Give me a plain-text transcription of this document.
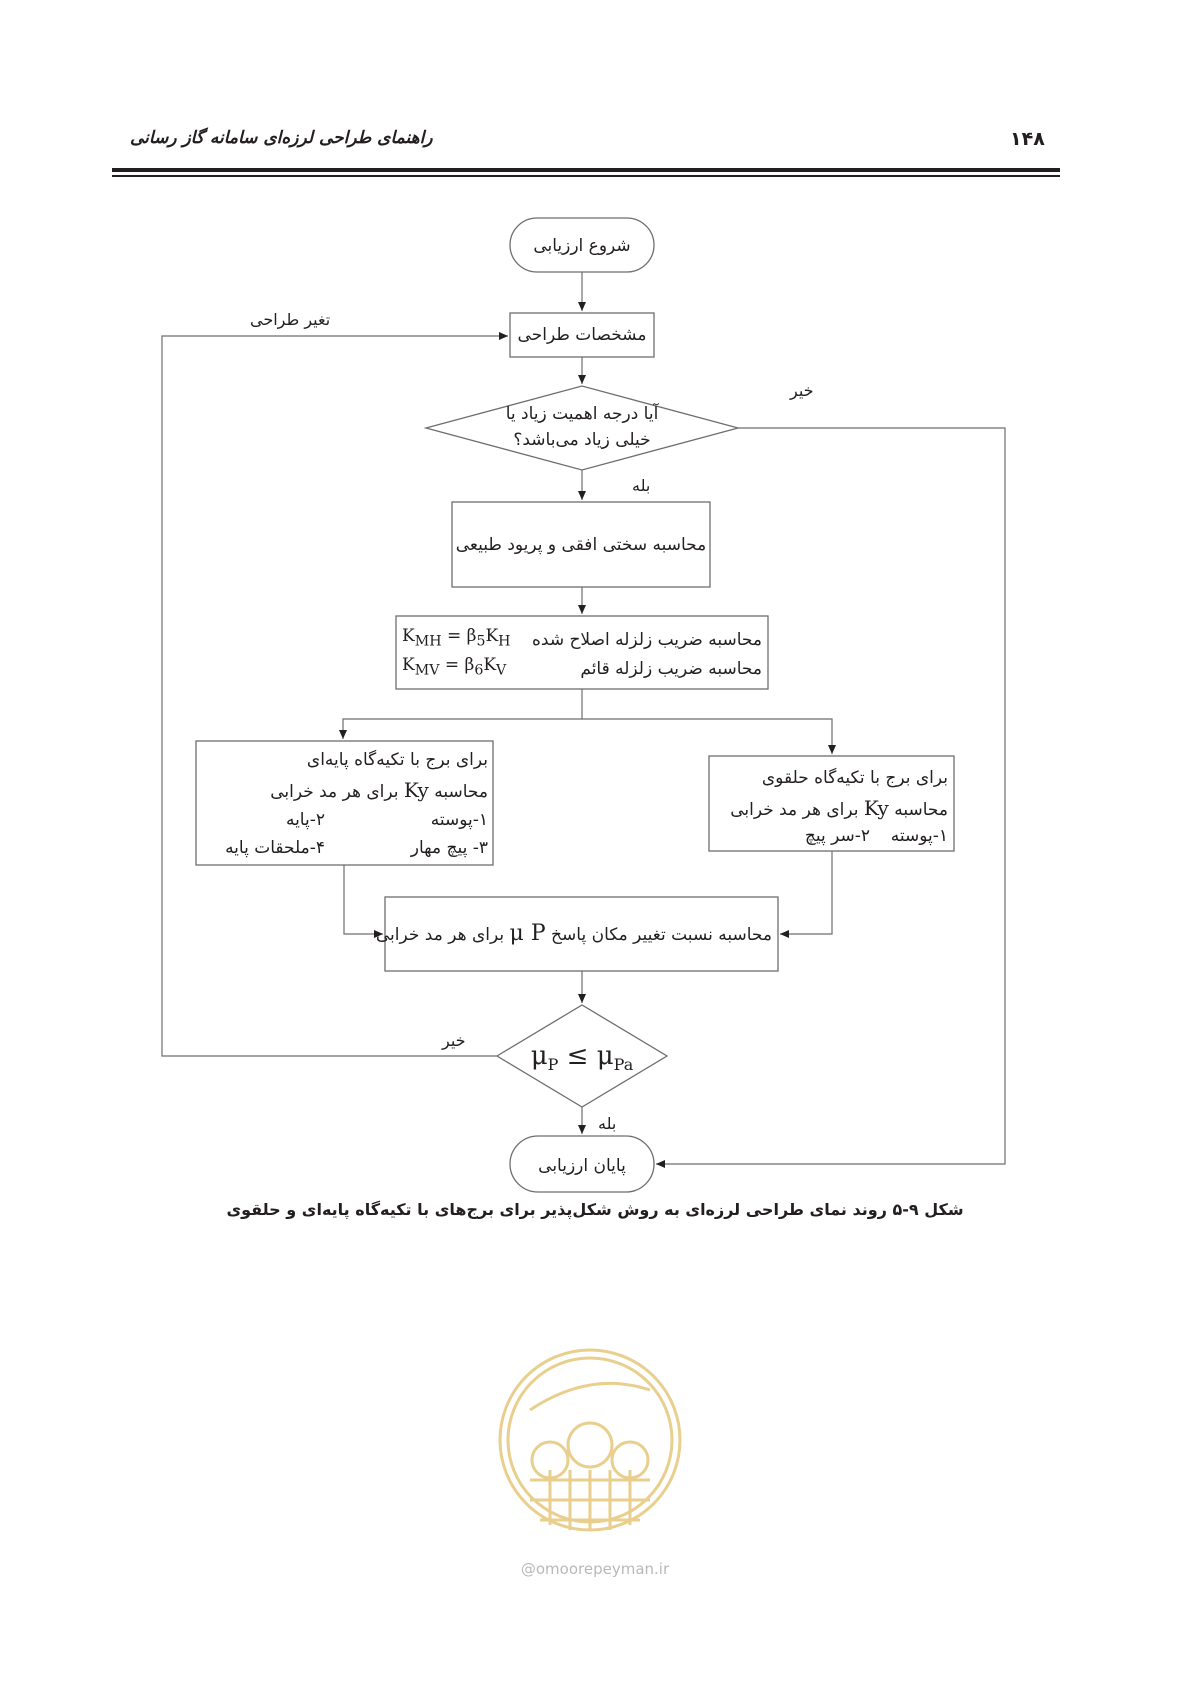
راهنمای طراحی لرزه‌ای سامانه گاز رسانی	۱۴۸
شروع ارزیابی
مشخصات طراحی
تغیر طراحی
آیا درجه اهمیت زیاد یا
خیلی زیاد می‌باشد؟
خیر
بله
محاسبه سختی افقی و پریود طبیعی
محاسبه ضریب زلزله اصلاح شده
$K_{MH} = \beta_5K_H$
محاسبه ضریب زلزله قائم
$K_{MV} = \beta_6K_V$
برای برج با تکیه‌گاه پایه‌ای
محاسبه Ky برای هر مد خرابی
۱-پوسته
۲-پایه
۳- پیچ مهار
۴-ملحقات پایه
برای برج با تکیه‌گاه حلقوی
محاسبه Ky برای هر مد خرابی
۱-پوسته
۲-سر پیچ
محاسبه نسبت تغییر مکان پاسخ μ P برای هر مد خرابی
$\mu_P \le \mu_{Pa}$
خیر
بله
پایان ارزیابی
شکل ۹-۵ روند نمای طراحی لرزه‌ای به روش شکل‌پذیر برای برج‌های با تکیه‌گاه پایه‌ای و حلقوی
@omoorepeyman.ir
